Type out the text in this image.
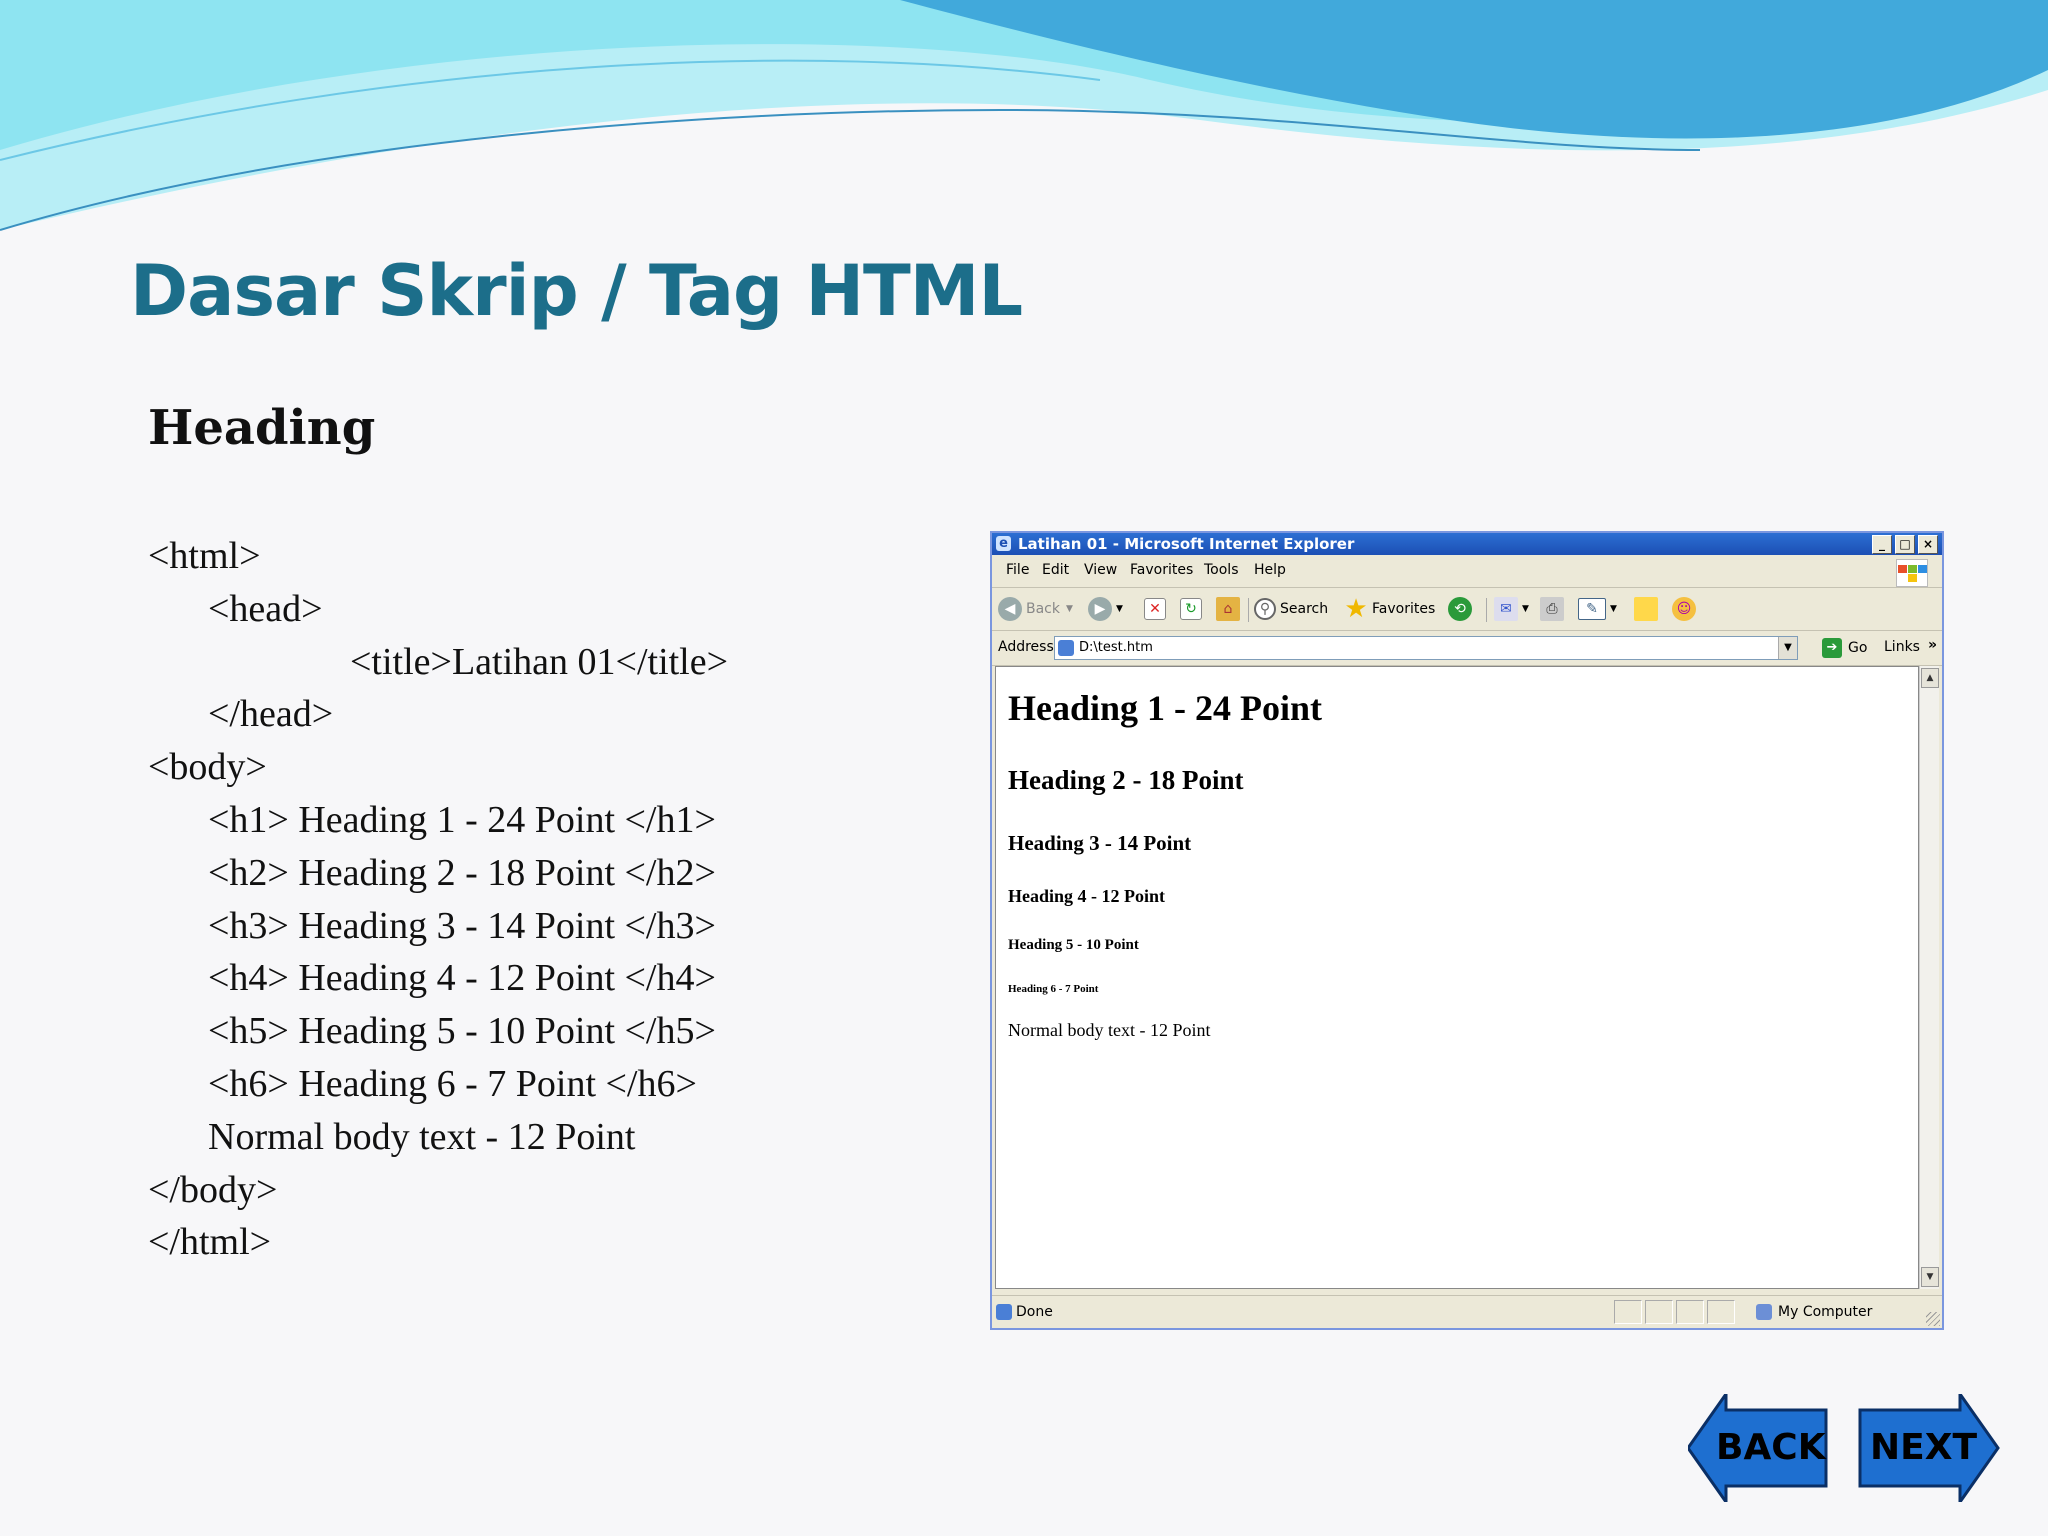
Dasar Skrip / Tag HTML
Heading
<html>
<head>
<title>Latihan 01</title>
</head>
<body>
<h1> Heading 1 - 24 Point </h1>
<h2> Heading 2 - 18 Point </h2>
<h3> Heading 3 - 14 Point </h3>
<h4> Heading 4 - 12 Point </h4>
<h5> Heading 5 - 10 Point </h5>
<h6> Heading 6 - 7 Point </h6>
Normal body text - 12 Point
</body>
</html>
e Latihan 01 - Microsoft Internet Explorer	_	□	×
File Edit View Favorites Tools Help
◀ Back ▼	▶	▼	✕	↻	⌂	⚲ Search ★ Favorites	⟲	✉	▼	⎙	✎	▼	☺
Address D:\test.htm	▼	➔ Go Links »
Heading 1 - 24 Point
Heading 2 - 18 Point
Heading 3 - 14 Point
Heading 4 - 12 Point
Heading 5 - 10 Point
Heading 6 - 7 Point
Normal body text - 12 Point
▲
▼
Done	My Computer
BACK NEXT
